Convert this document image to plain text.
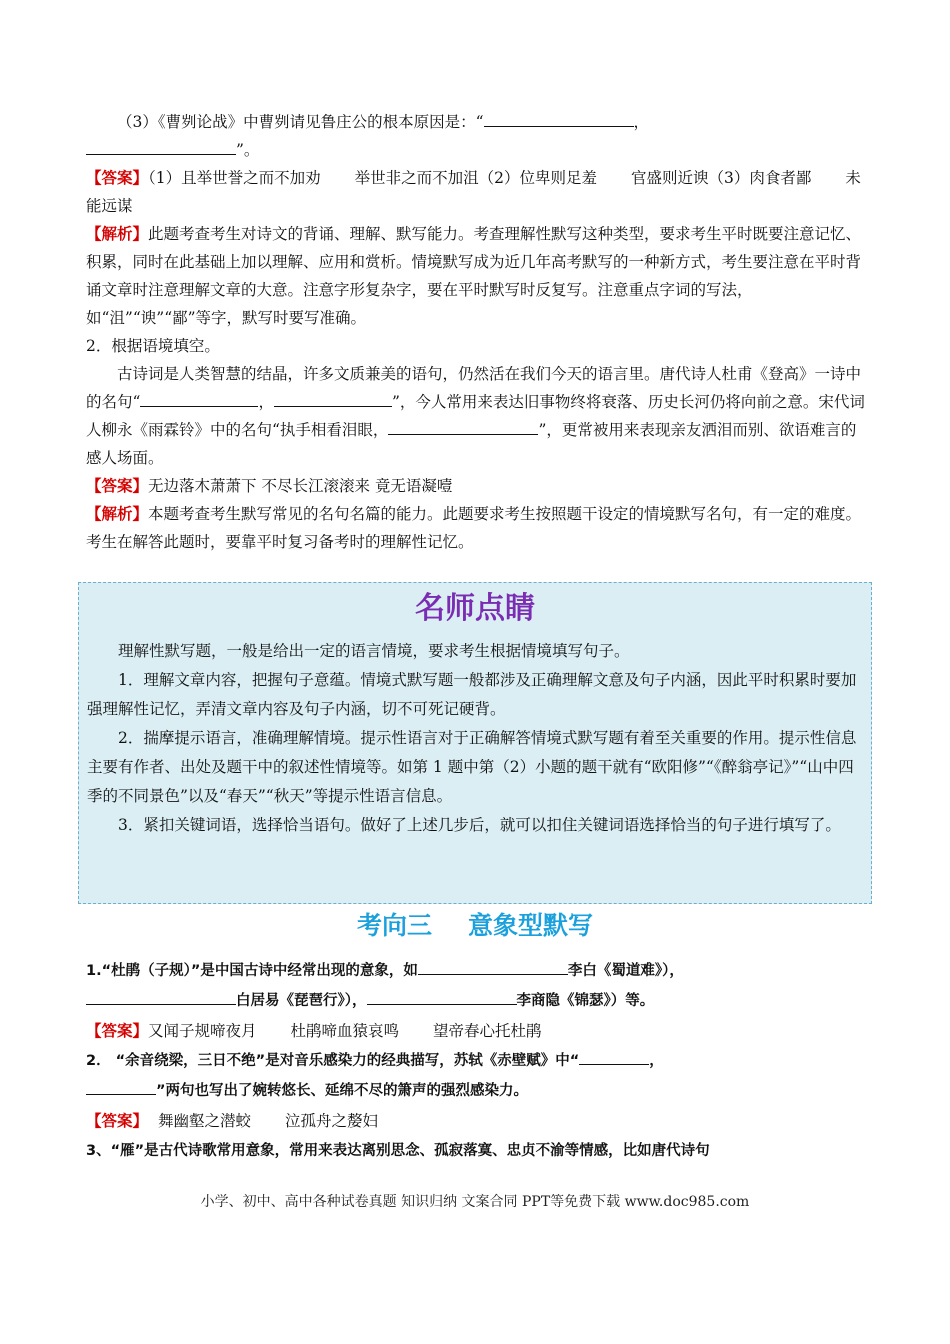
（3）《曹刿论战》中曹刿请见鲁庄公的根本原因是：“	，

”。

【答案】（1）且举世誉之而不加劝 举世非之而不加沮（2）位卑则足羞 官盛则近谀（3）肉食者鄙 未能远谋

【解析】此题考查考生对诗文的背诵、理解、默写能力。考查理解性默写这种类型，要求考生平时既要注意记忆、积累，同时在此基础上加以理解、应用和赏析。情境默写成为近几年高考默写的一种新方式，考生要注意在平时背诵文章时注意理解文章的大意。注意字形复杂字，要在平时默写时反复写。注意重点字词的写法，如“沮”“谀”“鄙”等字，默写时要写准确。

2．根据语境填空。

古诗词是人类智慧的结晶，许多文质兼美的语句，仍然活在我们今天的语言里。唐代诗人杜甫《登高》一诗中的名句“	，	”，今人常用来表达旧事物终将衰落、历史长河仍将向前之意。宋代词人柳永《雨霖铃》中的名句“执手相看泪眼，	”，更常被用来表现亲友洒泪而别、欲语难言的感人场面。

【答案】无边落木萧萧下 不尽长江滚滚来 竟无语凝噎

【解析】本题考查考生默写常见的名句名篇的能力。此题要求考生按照题干设定的情境默写名句，有一定的难度。考生在解答此题时，要靠平时复习备考时的理解性记忆。

名师点睛

理解性默写题，一般是给出一定的语言情境，要求考生根据情境填写句子。

1．理解文章内容，把握句子意蕴。情境式默写题一般都涉及正确理解文意及句子内涵，因此平时积累时要加强理解性记忆，弄清文章内容及句子内涵，切不可死记硬背。

2．揣摩提示语言，准确理解情境。提示性语言对于正确解答情境式默写题有着至关重要的作用。提示性信息主要有作者、出处及题干中的叙述性情境等。如第 1 题中第（2）小题的题干就有“欧阳修”“《醉翁亭记》”“山中四季的不同景色”以及“春天”“秋天”等提示性语言信息。

3．紧扣关键词语，选择恰当语句。做好了上述几步后，就可以扣住关键词语选择恰当的句子进行填写了。

考向三 意象型默写

1.“杜鹃（子规）”是中国古诗中经常出现的意象，如	李白《蜀道难》），

白居易《琵琶行》），	李商隐《锦瑟》）等。

【答案】又闻子规啼夜月 杜鹃啼血猿哀鸣 望帝春心托杜鹃

2． “余音绕梁，三日不绝”是对音乐感染力的经典描写，苏轼《赤壁赋》中“	，

”两句也写出了婉转悠长、延绵不尽的箫声的强烈感染力。

【答案】 舞幽壑之潜蛟 泣孤舟之嫠妇

3、“雁”是古代诗歌常用意象，常用来表达离别思念、孤寂落寞、忠贞不渝等情感，比如唐代诗句

小学、初中、高中各种试卷真题 知识归纳 文案合同 PPT等免费下载 www.doc985.com
